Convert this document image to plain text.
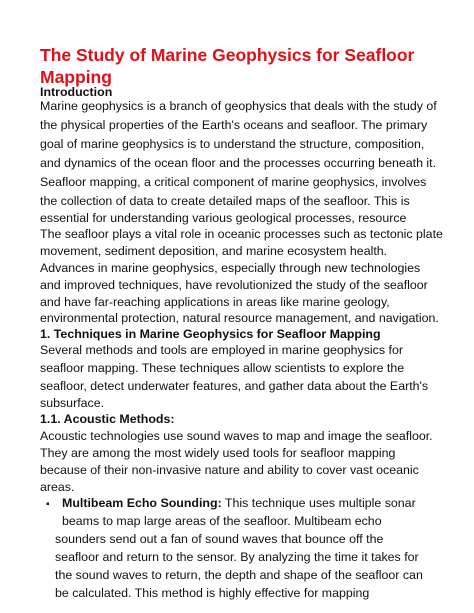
The Study of Marine Geophysics for Seafloor
Mapping
Introduction
Marine geophysics is a branch of geophysics that deals with the study of
the physical properties of the Earth's oceans and seafloor. The primary
goal of marine geophysics is to understand the structure, composition,
and dynamics of the ocean floor and the processes occurring beneath it.
Seafloor mapping, a critical component of marine geophysics, involves
the collection of data to create detailed maps of the seafloor. This is
essential for understanding various geological processes, resource
The seafloor plays a vital role in oceanic processes such as tectonic plate
movement, sediment deposition, and marine ecosystem health.
Advances in marine geophysics, especially through new technologies
and improved techniques, have revolutionized the study of the seafloor
and have far-reaching applications in areas like marine geology,
environmental protection, natural resource management, and navigation.
1. Techniques in Marine Geophysics for Seafloor Mapping
Several methods and tools are employed in marine geophysics for
seafloor mapping. These techniques allow scientists to explore the
seafloor, detect underwater features, and gather data about the Earth's
subsurface.
1.1. Acoustic Methods:
Acoustic technologies use sound waves to map and image the seafloor.
They are among the most widely used tools for seafloor mapping
because of their non-invasive nature and ability to cover vast oceanic
areas.
▪ Multibeam Echo Sounding: This technique uses multiple sonar
beams to map large areas of the seafloor. Multibeam echo
sounders send out a fan of sound waves that bounce off the
seafloor and return to the sensor. By analyzing the time it takes for
the sound waves to return, the depth and shape of the seafloor can
be calculated. This method is highly effective for mapping
